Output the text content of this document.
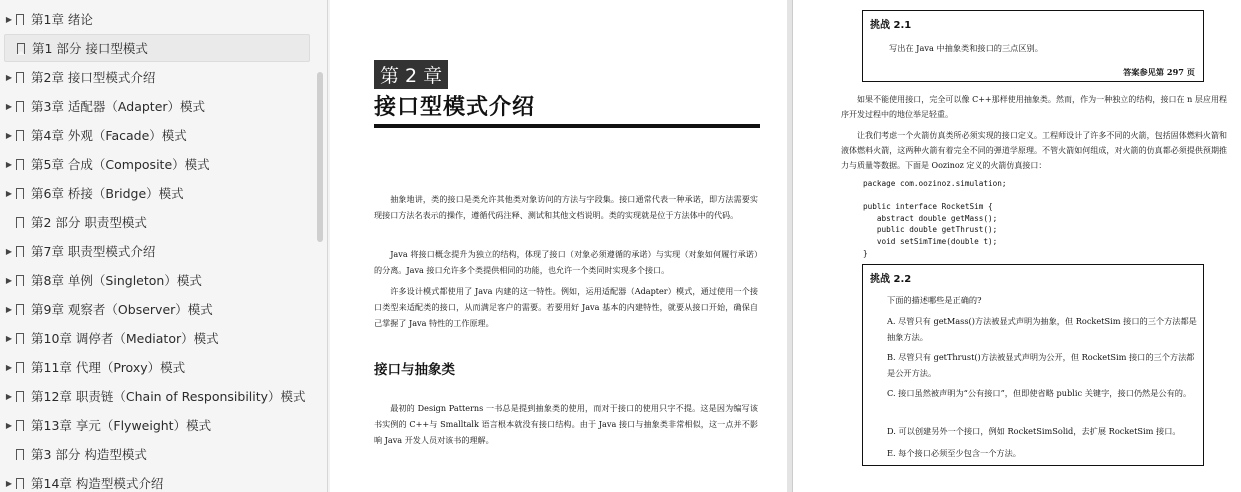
▶ 第1章 绪论
第1 部分 接口型模式
▶ 第2章 接口型模式介绍
▶ 第3章 适配器（Adapter）模式
▶ 第4章 外观（Facade）模式
▶ 第5章 合成（Composite）模式
▶ 第6章 桥接（Bridge）模式
第2 部分 职责型模式
▶ 第7章 职责型模式介绍
▶ 第8章 单例（Singleton）模式
▶ 第9章 观察者（Observer）模式
▶ 第10章 调停者（Mediator）模式
▶ 第11章 代理（Proxy）模式
▶ 第12章 职责链（Chain of Responsibility）模式
▶ 第13章 享元（Flyweight）模式
第3 部分 构造型模式
▶ 第14章 构造型模式介绍
第 2 章
接口型模式介绍
抽象地讲，类的接口是类允许其他类对象访问的方法与字段集。接口通常代表一种承诺，即方法需要实现接口方法名表示的操作，遵循代码注释、测试和其他文档说明。类的实现就是位于方法体中的代码。
Java 将接口概念提升为独立的结构，体现了接口（对象必须遵循的承诺）与实现（对象如何履行承诺）的分离。Java 接口允许多个类提供相同的功能，也允许一个类同时实现多个接口。
许多设计模式都使用了 Java 内建的这一特性。例如，运用适配器（Adapter）模式，通过使用一个接口类型来适配类的接口，从而满足客户的需要。若要用好 Java 基本的内建特性，就要从接口开始，确保自己掌握了 Java 特性的工作原理。
接口与抽象类
最初的 Design Patterns 一书总是提到抽象类的使用，而对于接口的使用只字不提。这是因为编写该书实例的 C++与 Smalltalk 语言根本就没有接口结构。由于 Java 接口与抽象类非常相似，这一点并不影响 Java 开发人员对该书的理解。
挑战 2.1
写出在 Java 中抽象类和接口的三点区别。
答案参见第 297 页
如果不能使用接口，完全可以像 C++那样使用抽象类。然而，作为一种独立的结构，接口在 n 层应用程序开发过程中的地位举足轻重。
让我们考虑一个火箭仿真类所必须实现的接口定义。工程师设计了许多不同的火箭，包括固体燃料火箭和液体燃料火箭，这两种火箭有着完全不同的弹道学原理。不管火箭如何组成，对火箭的仿真都必须提供预期推力与质量等数据。下面是 Oozinoz 定义的火箭仿真接口：
package com.oozinoz.simulation;
public interface RocketSim {
abstract double getMass();
public double getThrust();
void setSimTime(double t);
}
挑战 2.2
下面的描述哪些是正确的?
A. 尽管只有 getMass()方法被显式声明为抽象，但 RocketSim 接口的三个方法都是抽象方法。
B. 尽管只有 getThrust()方法被显式声明为公开，但 RocketSim 接口的三个方法都是公开方法。
C. 接口虽然被声明为“公有接口”，但即使省略 public 关键字，接口仍然是公有的。
D. 可以创建另外一个接口，例如 RocketSimSolid，去扩展 RocketSim 接口。
E. 每个接口必须至少包含一个方法。
